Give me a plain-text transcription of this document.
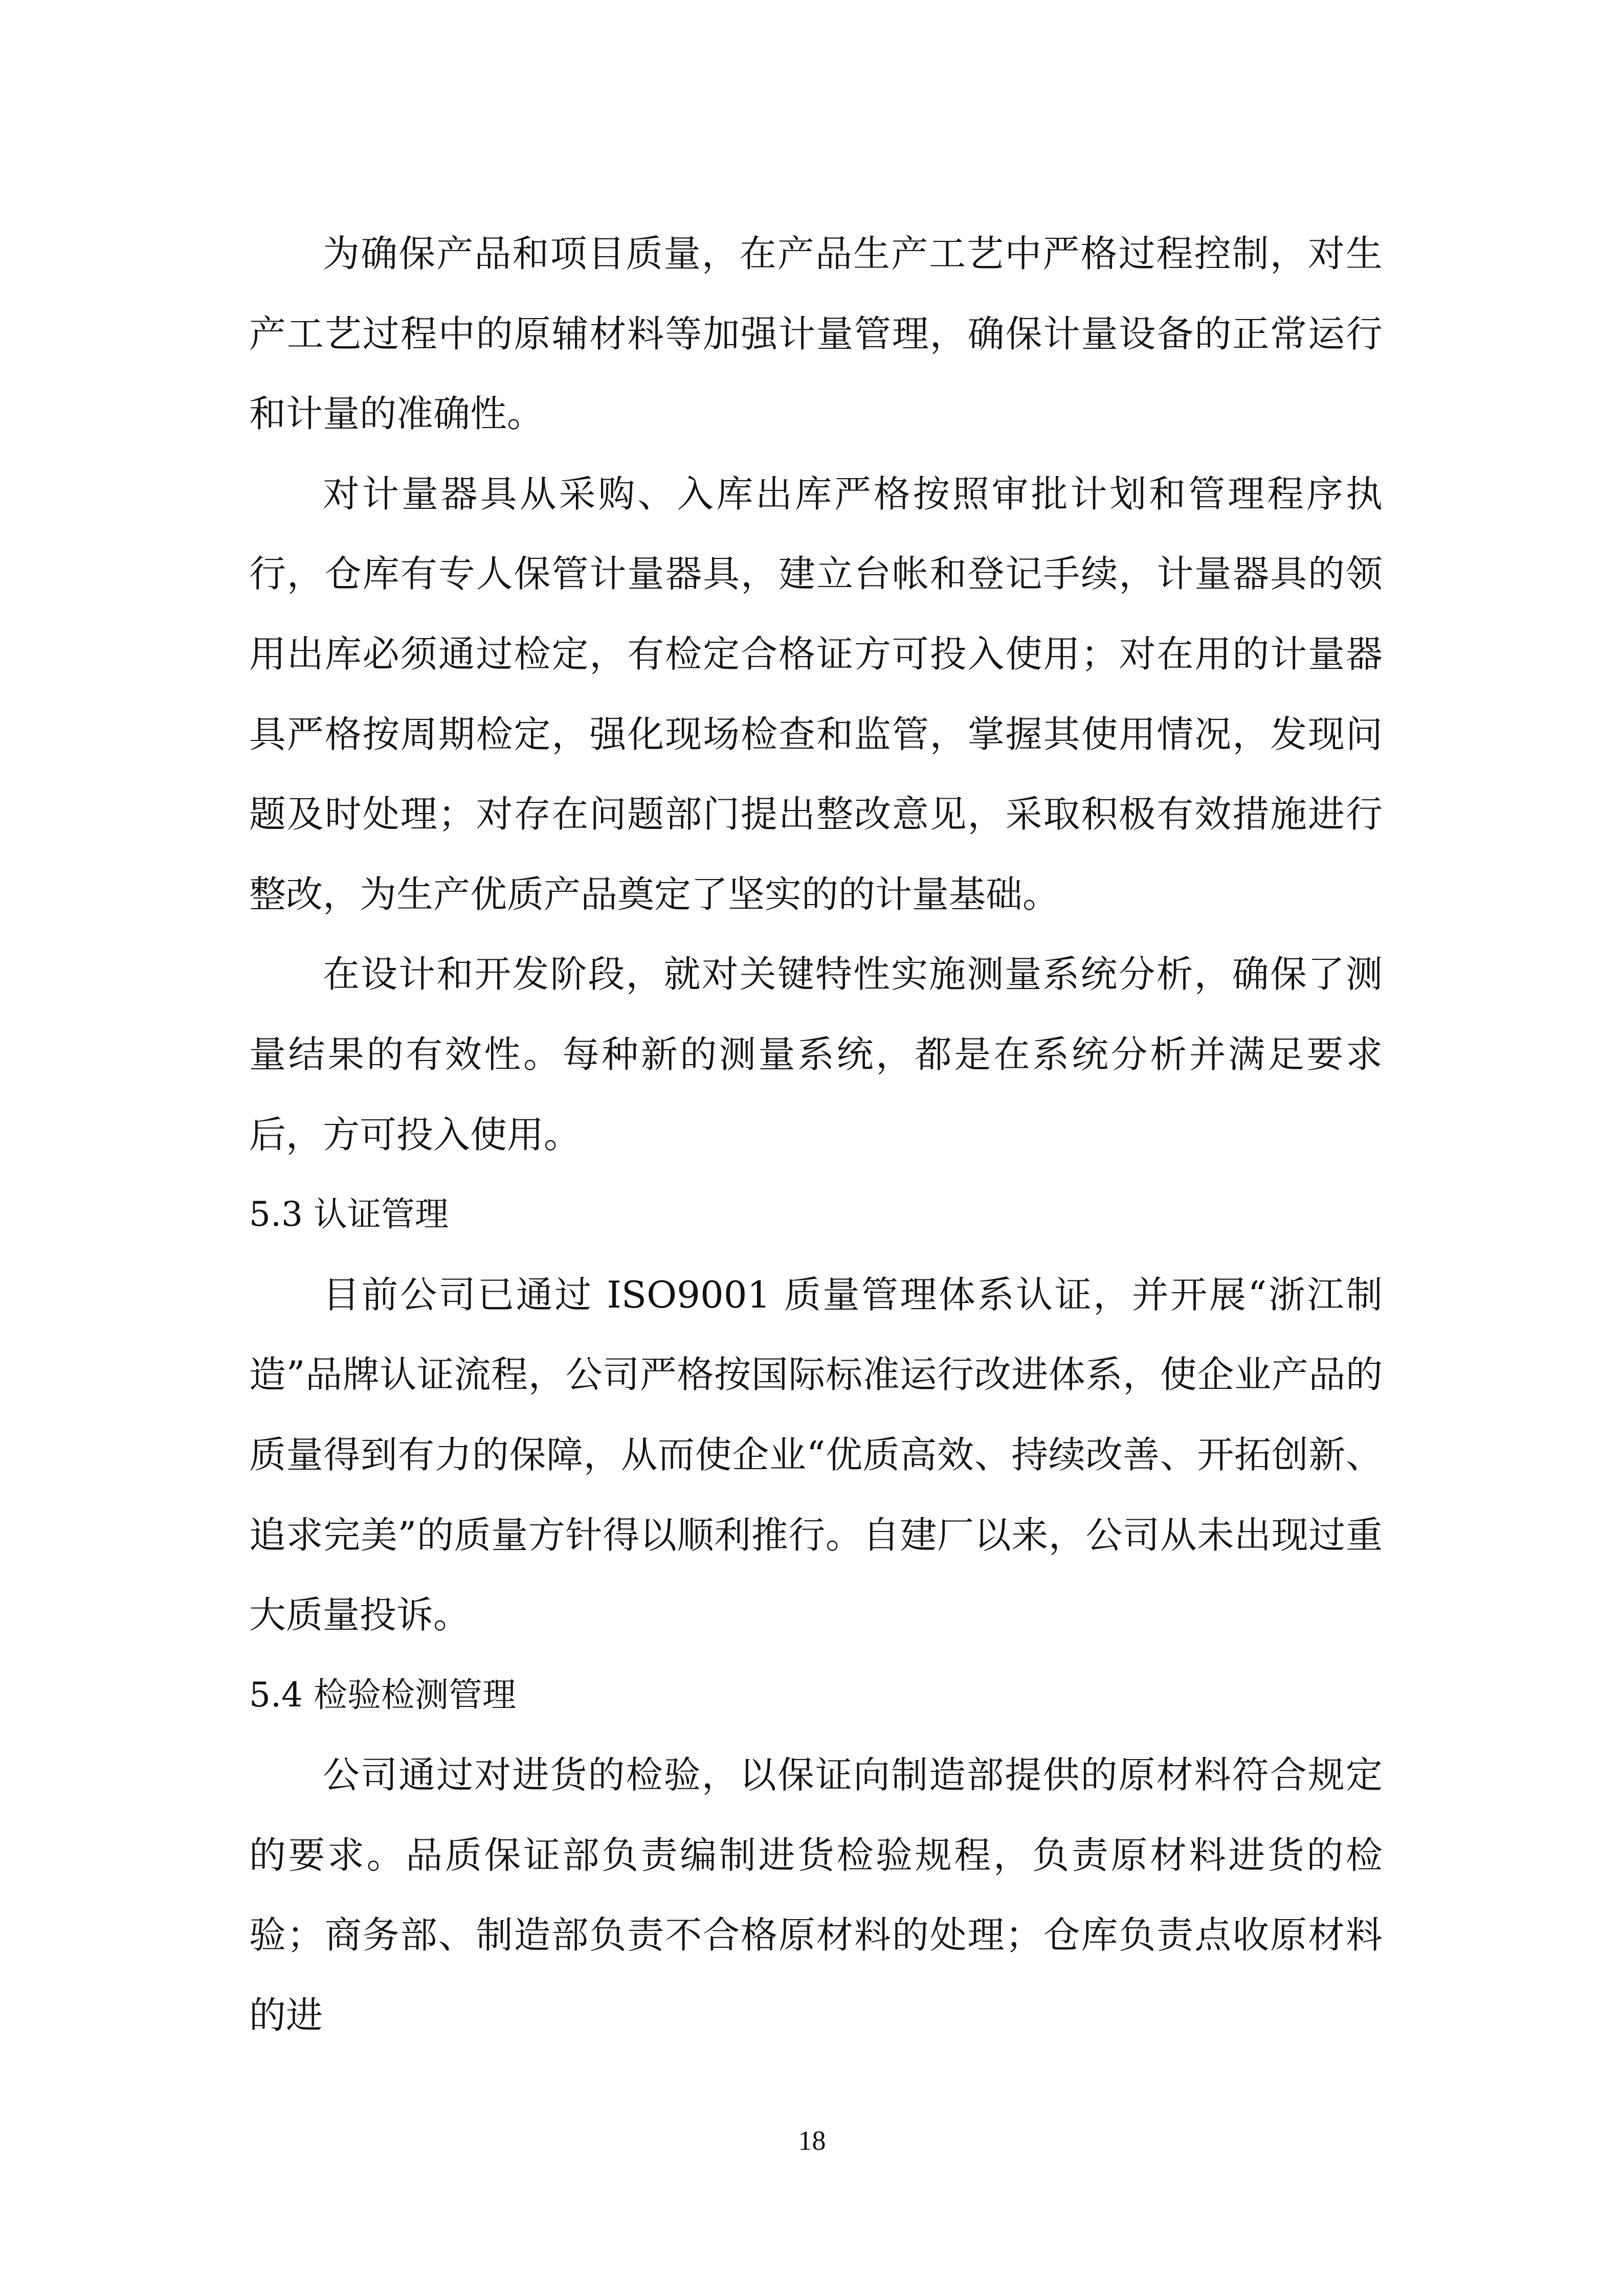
为确保产品和项目质量，在产品生产工艺中严格过程控制，对生产工艺过程中的原辅材料等加强计量管理，确保计量设备的正常运行和计量的准确性。

对计量器具从采购、入库出库严格按照审批计划和管理程序执行，仓库有专人保管计量器具，建立台帐和登记手续，计量器具的领用出库必须通过检定，有检定合格证方可投入使用；对在用的计量器具严格按周期检定，强化现场检查和监管，掌握其使用情况，发现问题及时处理；对存在问题部门提出整改意见，采取积极有效措施进行整改，为生产优质产品奠定了坚实的的计量基础。

在设计和开发阶段，就对关键特性实施测量系统分析，确保了测量结果的有效性。每种新的测量系统，都是在系统分析并满足要求后，方可投入使用。

5.3 认证管理

目前公司已通过 ISO9001 质量管理体系认证，并开展“浙江制造”品牌认证流程，公司严格按国际标准运行改进体系，使企业产品的质量得到有力的保障，从而使企业“优质高效、持续改善、开拓创新、追求完美”的质量方针得以顺利推行。自建厂以来，公司从未出现过重大质量投诉。

5.4 检验检测管理

公司通过对进货的检验，以保证向制造部提供的原材料符合规定的要求。品质保证部负责编制进货检验规程，负责原材料进货的检验；商务部、制造部负责不合格原材料的处理；仓库负责点收原材料的进

18
